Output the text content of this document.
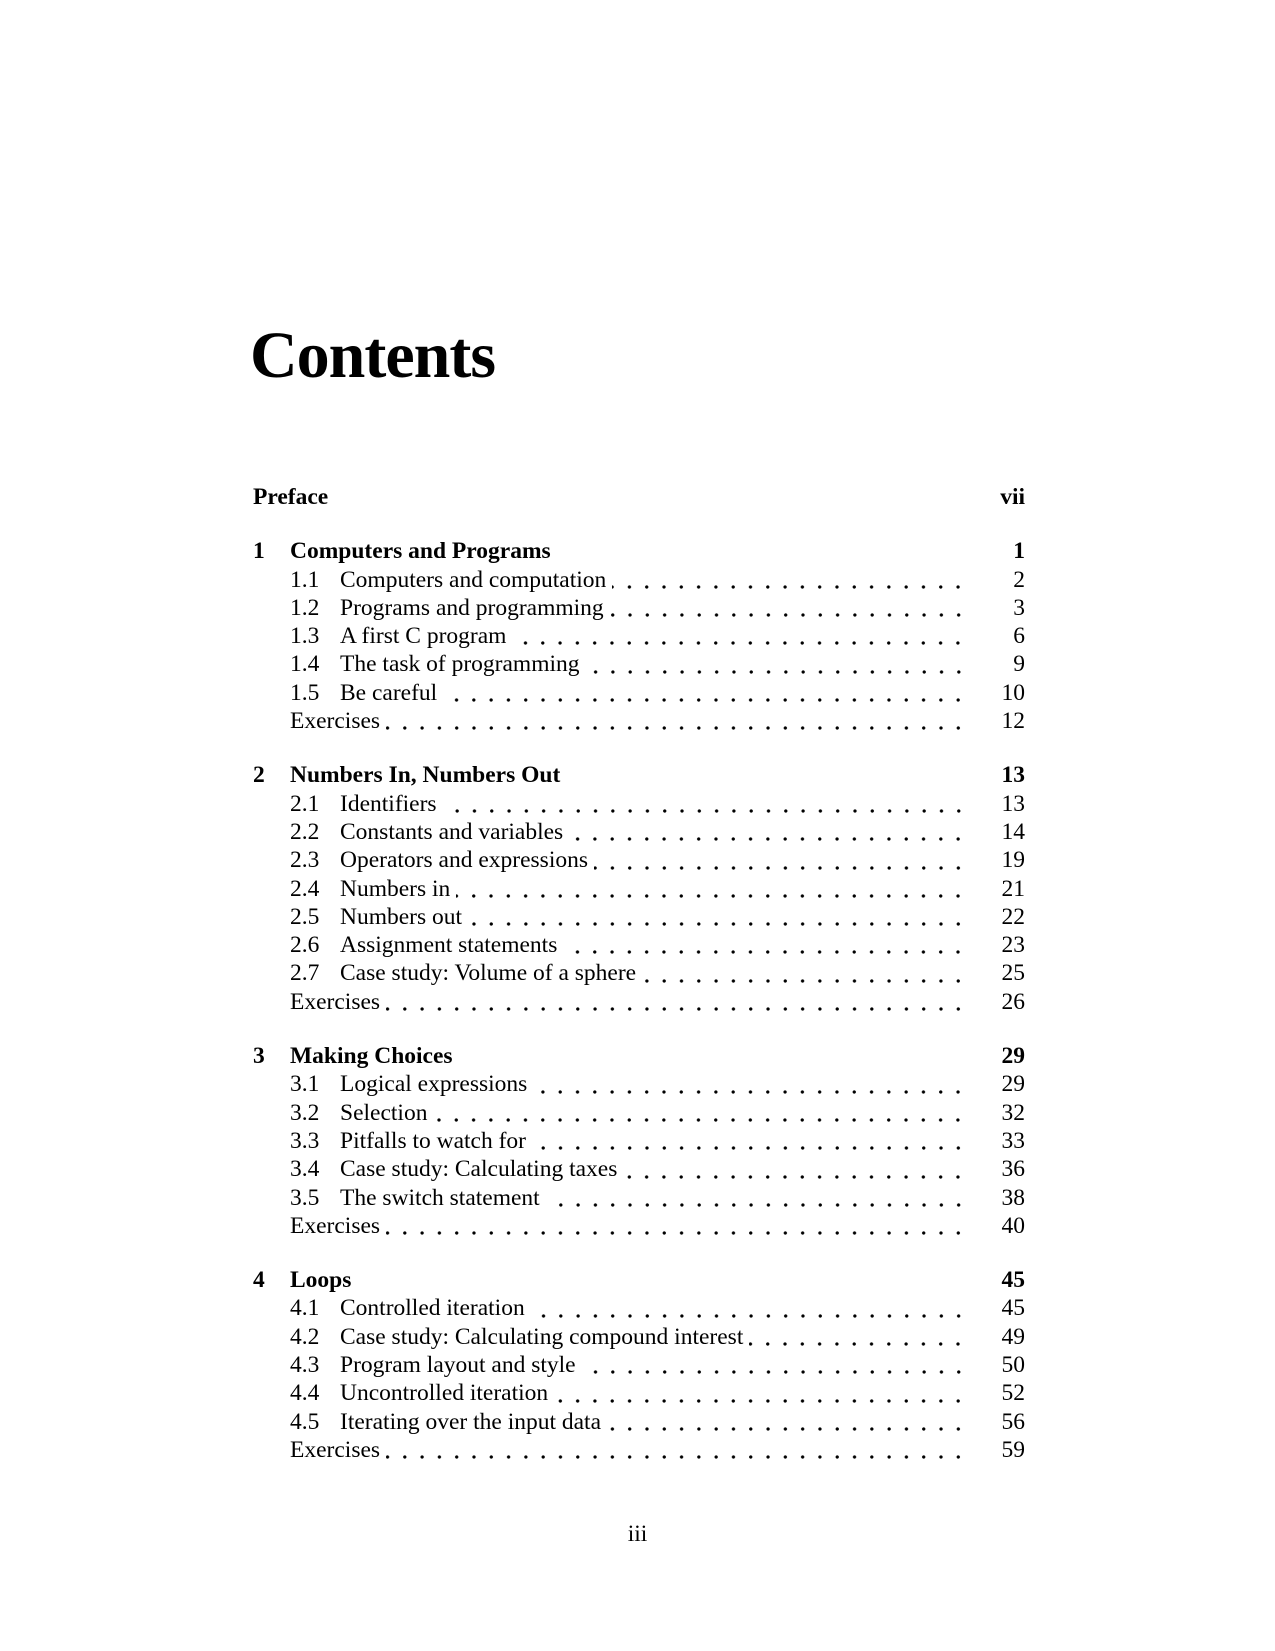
Contents
Preface	vii
1	Computers and Programs	1
1.1 Computers and computation	2
1.2 Programs and programming	3
1.3 A first C program	6
1.4 The task of programming	9
1.5 Be careful	10
Exercises	12
2	Numbers In, Numbers Out	13
2.1 Identifiers	13
2.2 Constants and variables	14
2.3 Operators and expressions	19
2.4 Numbers in	21
2.5 Numbers out	22
2.6 Assignment statements	23
2.7 Case study: Volume of a sphere	25
Exercises	26
3	Making Choices	29
3.1 Logical expressions	29
3.2 Selection	32
3.3 Pitfalls to watch for	33
3.4 Case study: Calculating taxes	36
3.5 The switch statement	38
Exercises	40
4	Loops	45
4.1 Controlled iteration	45
4.2 Case study: Calculating compound interest	49
4.3 Program layout and style	50
4.4 Uncontrolled iteration	52
4.5 Iterating over the input data	56
Exercises	59
iii
